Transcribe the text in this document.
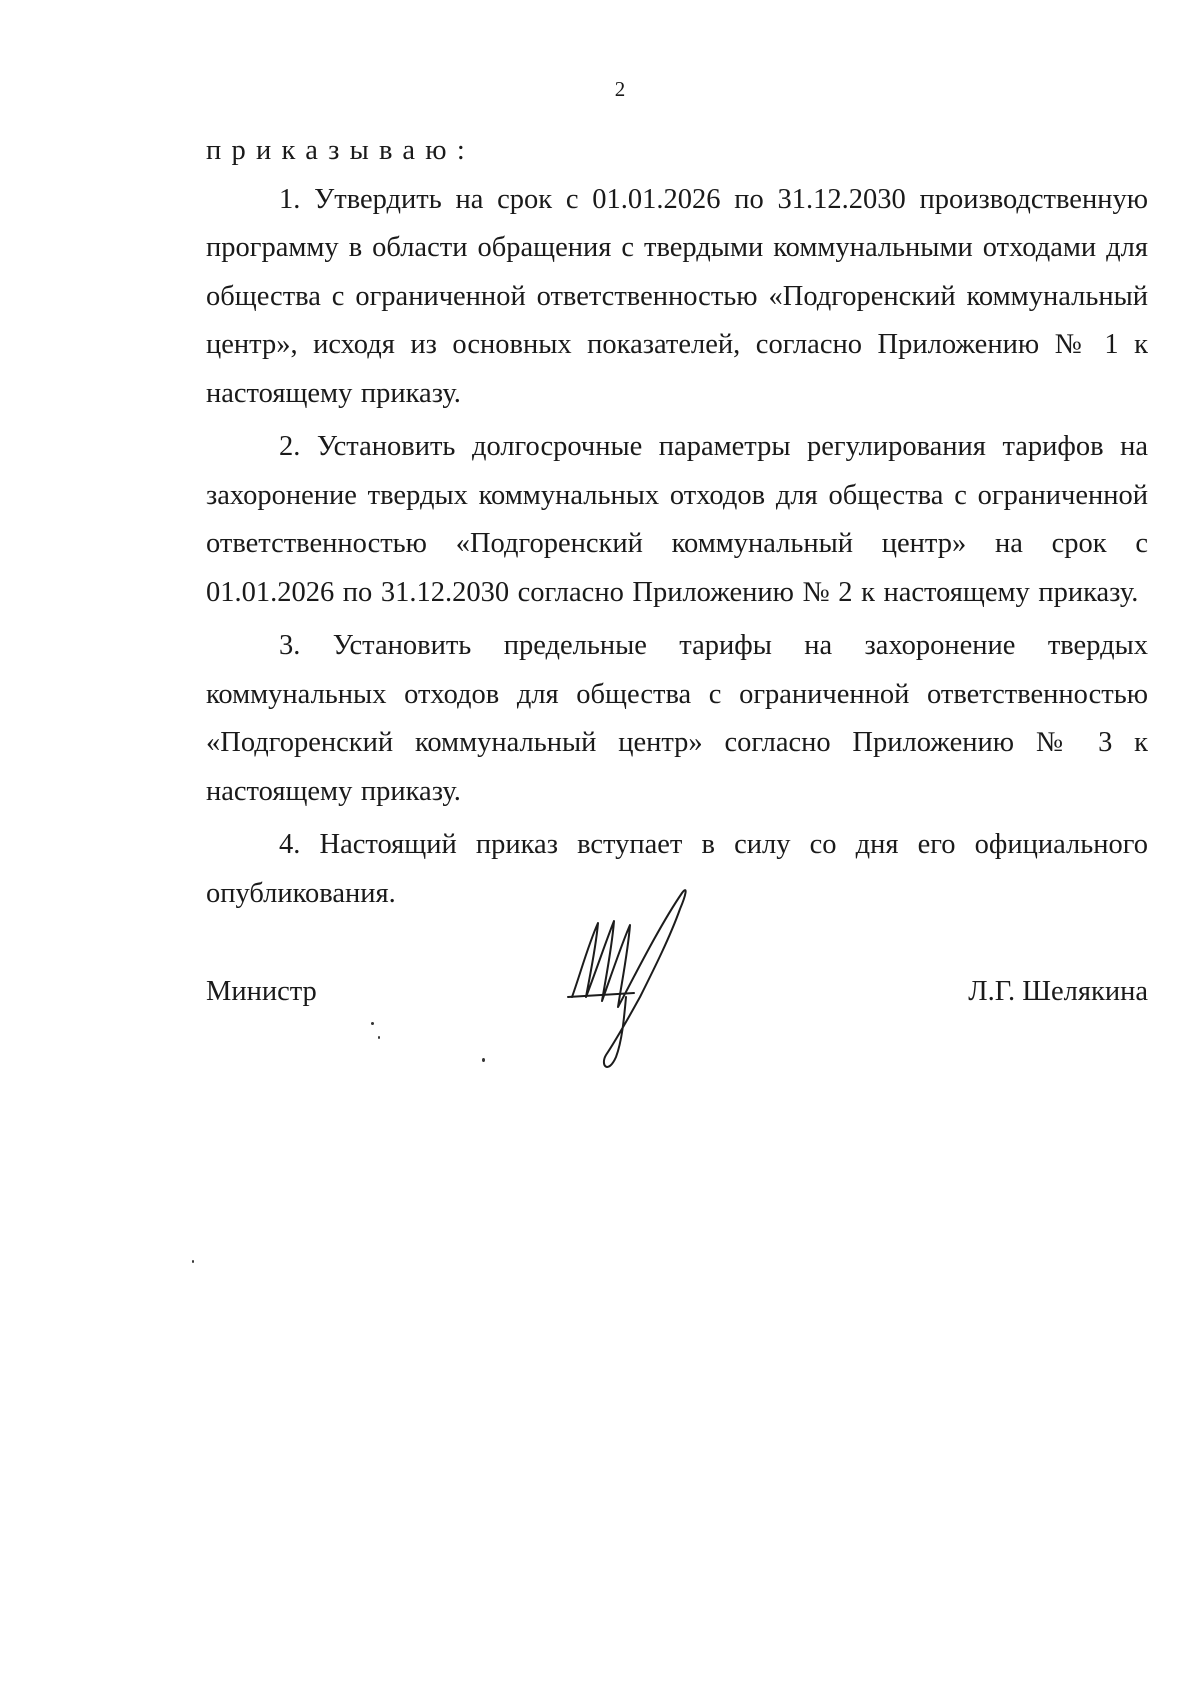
2

приказываю:

1. Утвердить на срок с 01.01.2026 по 31.12.2030 производственную программу в области обращения с твердыми коммунальными отходами для общества с ограниченной ответственностью «Подгоренский коммунальный центр», исходя из основных показателей, согласно Приложению № 1 к настоящему приказу.

2. Установить долгосрочные параметры регулирования тарифов на захоронение твердых коммунальных отходов для общества с ограниченной ответственностью «Подгоренский коммунальный центр» на срок с 01.01.2026 по 31.12.2030 согласно Приложению № 2 к настоящему приказу.

3. Установить предельные тарифы на захоронение твердых коммунальных отходов для общества с ограниченной ответственностью «Подгоренский коммунальный центр» согласно Приложению № 3 к настоящему приказу.

4. Настоящий приказ вступает в силу со дня его официального опубликования.

Министр	Л.Г. Шелякина
